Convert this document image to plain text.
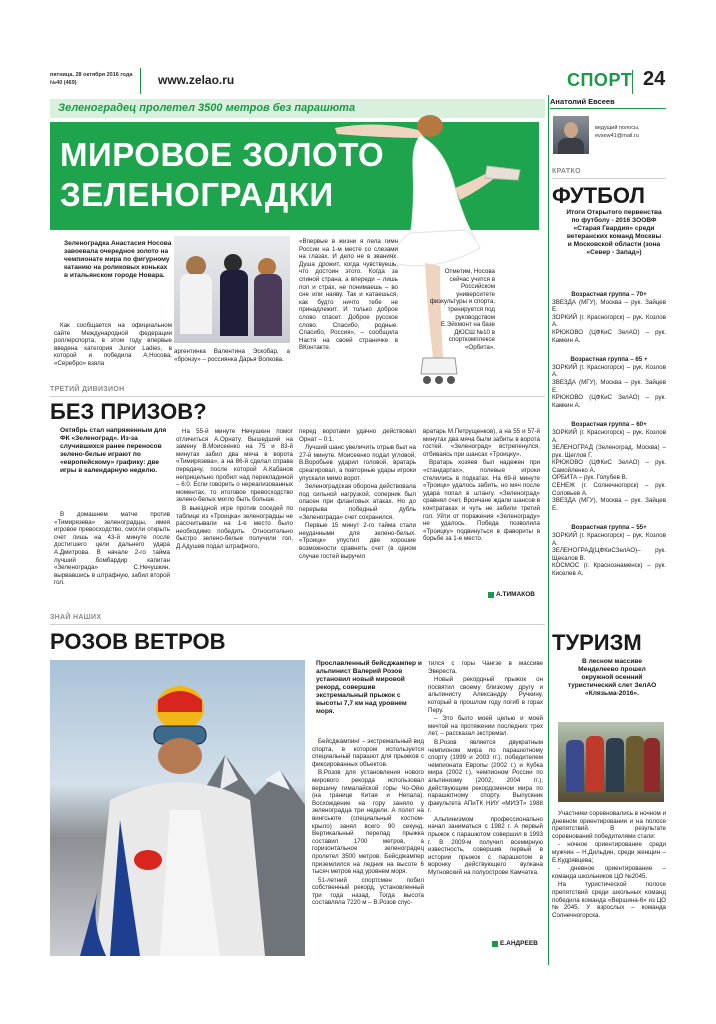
пятница, 28 октября 2016 года
№40 (469)	www.zelao.ru	СПОРТ 24
Зеленоградец пролетел 3500 метров без парашюта
Анатолий Евсеев
ведущий полосы,
evsew41@mail.ru
МИРОВОЕ ЗОЛОТО
ЗЕЛЕНОГРАДКИ
Зеленоградка Анастасия Носова завоевала очередное золото на чемпионате мира по фигурному катанию на роликовых коньках в итальянском городе Новара.

Как сообщается на официальном сайте Международной федерации роллерспорта, в этом году впервые введена категория Junior Ladies, в которой и победила А.Носова. «Серебро» взяла

аргентинка Валентина Эскобар, а «бронзу» – россиянка Дарья Волкова.

«Впервые в жизни я пела гимн России на 1-м месте со слезами на глазах. И дело не в званиях. Душа дрожит, когда чувствуешь, что достоин этого. Когда за спиной страна, а впереди – лишь пол и страх, не понимаешь – во сне или наяву. Так и катаешься, как будто ничто тебе не принадлежит. И только доброе слово спасет. Доброе русское слово. Спасибо, родные. Спасибо, Россия», – сообщила Настя на своей страничке в ВКонтакте.

Отметим, Носова сейчас учится в Российском университете физкультуры и спорта, тренируется под руководством Е.Эйхмонт на базе ДЮСШ №10 в спорткомплексе «Орбита».

ТРЕТИЙ ДИВИЗИОН
БЕЗ ПРИЗОВ?
Октябрь стал напряженным для ФК «Зеленоград». Из-за случившихся ранее переносов зелено-белые играют по «европейскому» графику: две игры в календарную неделю.

В домашнем матче против «Тимирязева» зеленоградцы, имея игровое превосходство, смогли открыть счет лишь на 43-й минуте после достигшего цели дальнего удара А.Дмитрова. В начале 2-го тайма лучший бомбардир капитан «Зеленограда» С.Нечушкин, вырвавшись в штрафную, забил второй гол.

На 55-й минуте Нечушкин помог отличиться А.Орнату. Вышедший на замену В.Моисеенко на 75 и 83-й минутах забил два мяча в ворота «Тимирязева», а на 86-й сделал справа передачу, после которой А.Кабанов неприцельно пробил над перекладиной – 6:0. Если говорить о нереализованных моментах, то итоговое превосходство зелено-белых могло быть больше.

В выездной игре против соседей по таблице из «Троицка» зеленоградцы не рассчитывали на 1-е место было необходимо победить. Относительно быстро зелено-белые получили гол, Д.Адушев подал штрафного,

перед воротами удачно действовал Орнат – 0:1.

Лучший шанс увеличить отрыв был на 27-й минуте. Моисеенко подал угловой, В.Воробьев ударил головой, вратарь среагировал, а повторные удары игроки упускали мимо ворот.

Зеленоградская оборона действовала под сильной нагрузкой, соперник был опасен при фланговых атаках. Но до перерыва победный дубль «Зеленограда» счет сохранился.

Первые 15 минут 2-го тайма стали неудачными для зелено-белых. «Троицк» упустил две хорошие возможности сравнять счет (в одном случае гостей выручил

вратарь М.Петрущенков), а на 55 и 57-й минутах два мяча были забиты в ворота гостей. «Зеленоград» встрепенулся, отбиваясь при шансах «Троицку».

Вратарь хозяев был надежен при «стандартах», полевые игроки стелились в подкатах. На 69-й минуте «Троицк» удалось забить, но мяч после удара попал в штангу. «Зеленоград» сравнял счет, Вроичане ждали шансов в контратаках и чуть не забили третий гол. Уйти от поражения «Зеленограду» не удалось. Победа позволила «Троицку» подвинуться в фавориты в борьбе за 1-е место.

А.ТИМАКОВ
ЗНАЙ НАШИХ
РОЗОВ ВЕТРОВ
Прославленный бейсджампер и альпинист Валерий Розов установил новый мировой рекорд, совершив экстремальный прыжок с высоты 7,7 км над уровнем моря.

Бейсджампинг – экстремальный вид спорта, в котором используется специальный парашют для прыжков с фиксированных объектов.

В.Розов для установления нового мирового рекорда использовал вершину гималайской горы Чо-Ойю (на границе Китая и Непала). Восхождение на гору заняло у зеленоградца три недели. А полет на вингсьюте (специальный костюм-крыло) занял всего 90 секунд. Вертикальный перепад прыжка составил 1700 метров, а горизонтальное зеленоградец пролетел 3500 метров. Бейсджампер приземлился на ледник на высоте 6 тысяч метров над уровнем моря.

51-летний спортсмен побил собственный рекорд, установленный три года назад. Тогда высота составляла 7220 м – В.Розов спус-

тился с горы Чангзе в массиве Эвереста.

Новый рекордный прыжок он посвятил своему близкому другу и альпинисту Александру Ручкину, который в прошлом году погиб в горах Перу.

– Это было моей целью и моей мечтой на протяжении последних трех лет, – рассказал экстремал.

В.Розов является двукратным чемпионом мира по парашютному спорту (1999 и 2003 гг.), победителем чемпионата Европы (2002 г.) и Кубка мира (2002 г.), чемпионом России по альпинизму (2002, 2004 гг.), действующим рекордсменом мира по парашютному спорту. Выпускник факультета АПиТК НИУ «МИЭТ» 1988 г.

Альпинизмом профессионально начал заниматься с 1982 г. А первый прыжок с парашютом совершил в 1993 г. В 2009-м получил всемирную известность, совершив первый в истории прыжок с парашютом в воронку действующего вулкана Мутновский на полуострове Камчатка.

Е.АНДРЕЕВ
КРАТКО
ФУТБОЛ
Итоги Открытого первенства по футболу - 2016 ЗООВФ «Старая Гвардия» среди ветеранских команд Москвы и Московской области (зона «Север - Запад»)

Возрастная группа – 70+

ЗВЕЗДА (МГУ), Москва – рук. Зайцев Е.

ЗОРКИЙ (г. Красногорск) – рук. Козлов А.

КРЮКОВО (ЦФКиС ЗелАО) – рук. Камкин А.

Возрастная группа – 65 +

ЗОРКИЙ (г. Красногорск) – рук. Козлов А.

ЗВЕЗДА (МГУ), Москва – рук. Зайцев Е.

КРЮКОВО (ЦФКиС ЗелАО) – рук. Камкин А.

Возрастная группа – 60+

ЗОРКИЙ (г. Красногорск) – рук. Козлов А.

ЗЕЛЕНОГРАД (Зеленоград, Москва) – рук. Щеглов Г.

КРЮКОВО (ЦФКиС ЗелАО) – рук. Самойленко А.

ОРБИТА – рук. Голубев В.

СЕНЕЖ (г. Солнечногорск) – рук. Соловьев А.

ЗВЕЗДА (МГУ), Москва – рук. Зайцев Е.

Возрастная группа – 55+

ЗОРКИЙ (г. Красногорск) – рук. Козлов А.

ЗЕЛЕНОГРАД(ЦФКиСЗелАО)– рук. Щекалов В.

КОСМОС (г. Краснознаменск) – рук. Киселев А.

ТУРИЗМ
В лесном массиве Менделеево прошел окружной осенний туристический слет ЗелАО «Клязьма-2016».

Участники соревновались в ночном и дневном ориентировании и на полосе препятствий. В результате соревнований победителями стали:

- ночное ориентирование среди мужчин – Н.Дильдин, среди женщин – Е.Кудрявцева;

- дневное ориентирование – команда школьников ЦО №2045.

На туристической полосе препятствий среди школьных команд победила команда «Вершина-6» из ЦО №2045. У взрослых – команда Солнечногорска.
